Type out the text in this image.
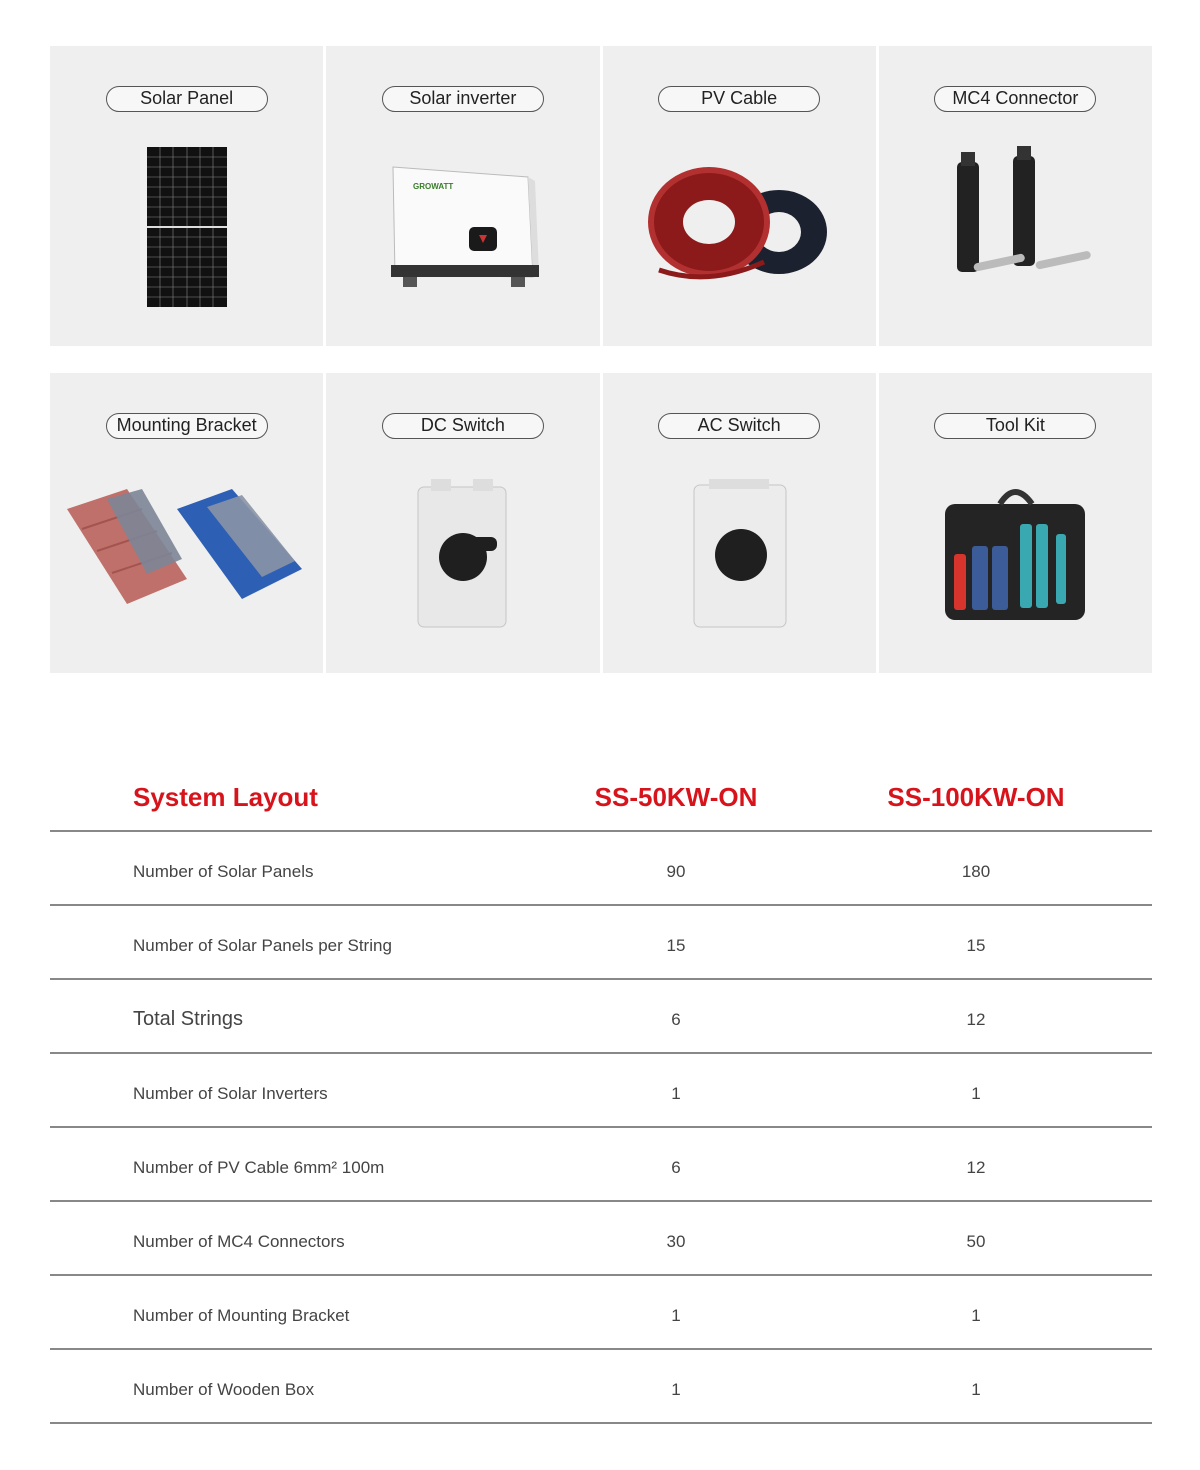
Solar Panel	Solar inverter
GROWATT
PV Cable	MC4 Connector
Mounting Bracket	DC Switch	AC Switch	Tool Kit
System Layout	SS-50KW-ON	SS-100KW-ON
Number of Solar Panels	90	180
Number of Solar Panels per String	15	15
Total Strings	6	12
Number of Solar Inverters	1	1
Number of PV Cable 6mm² 100m	6	12
Number of MC4 Connectors	30	50
Number of Mounting Bracket	1	1
Number of Wooden Box	1	1
